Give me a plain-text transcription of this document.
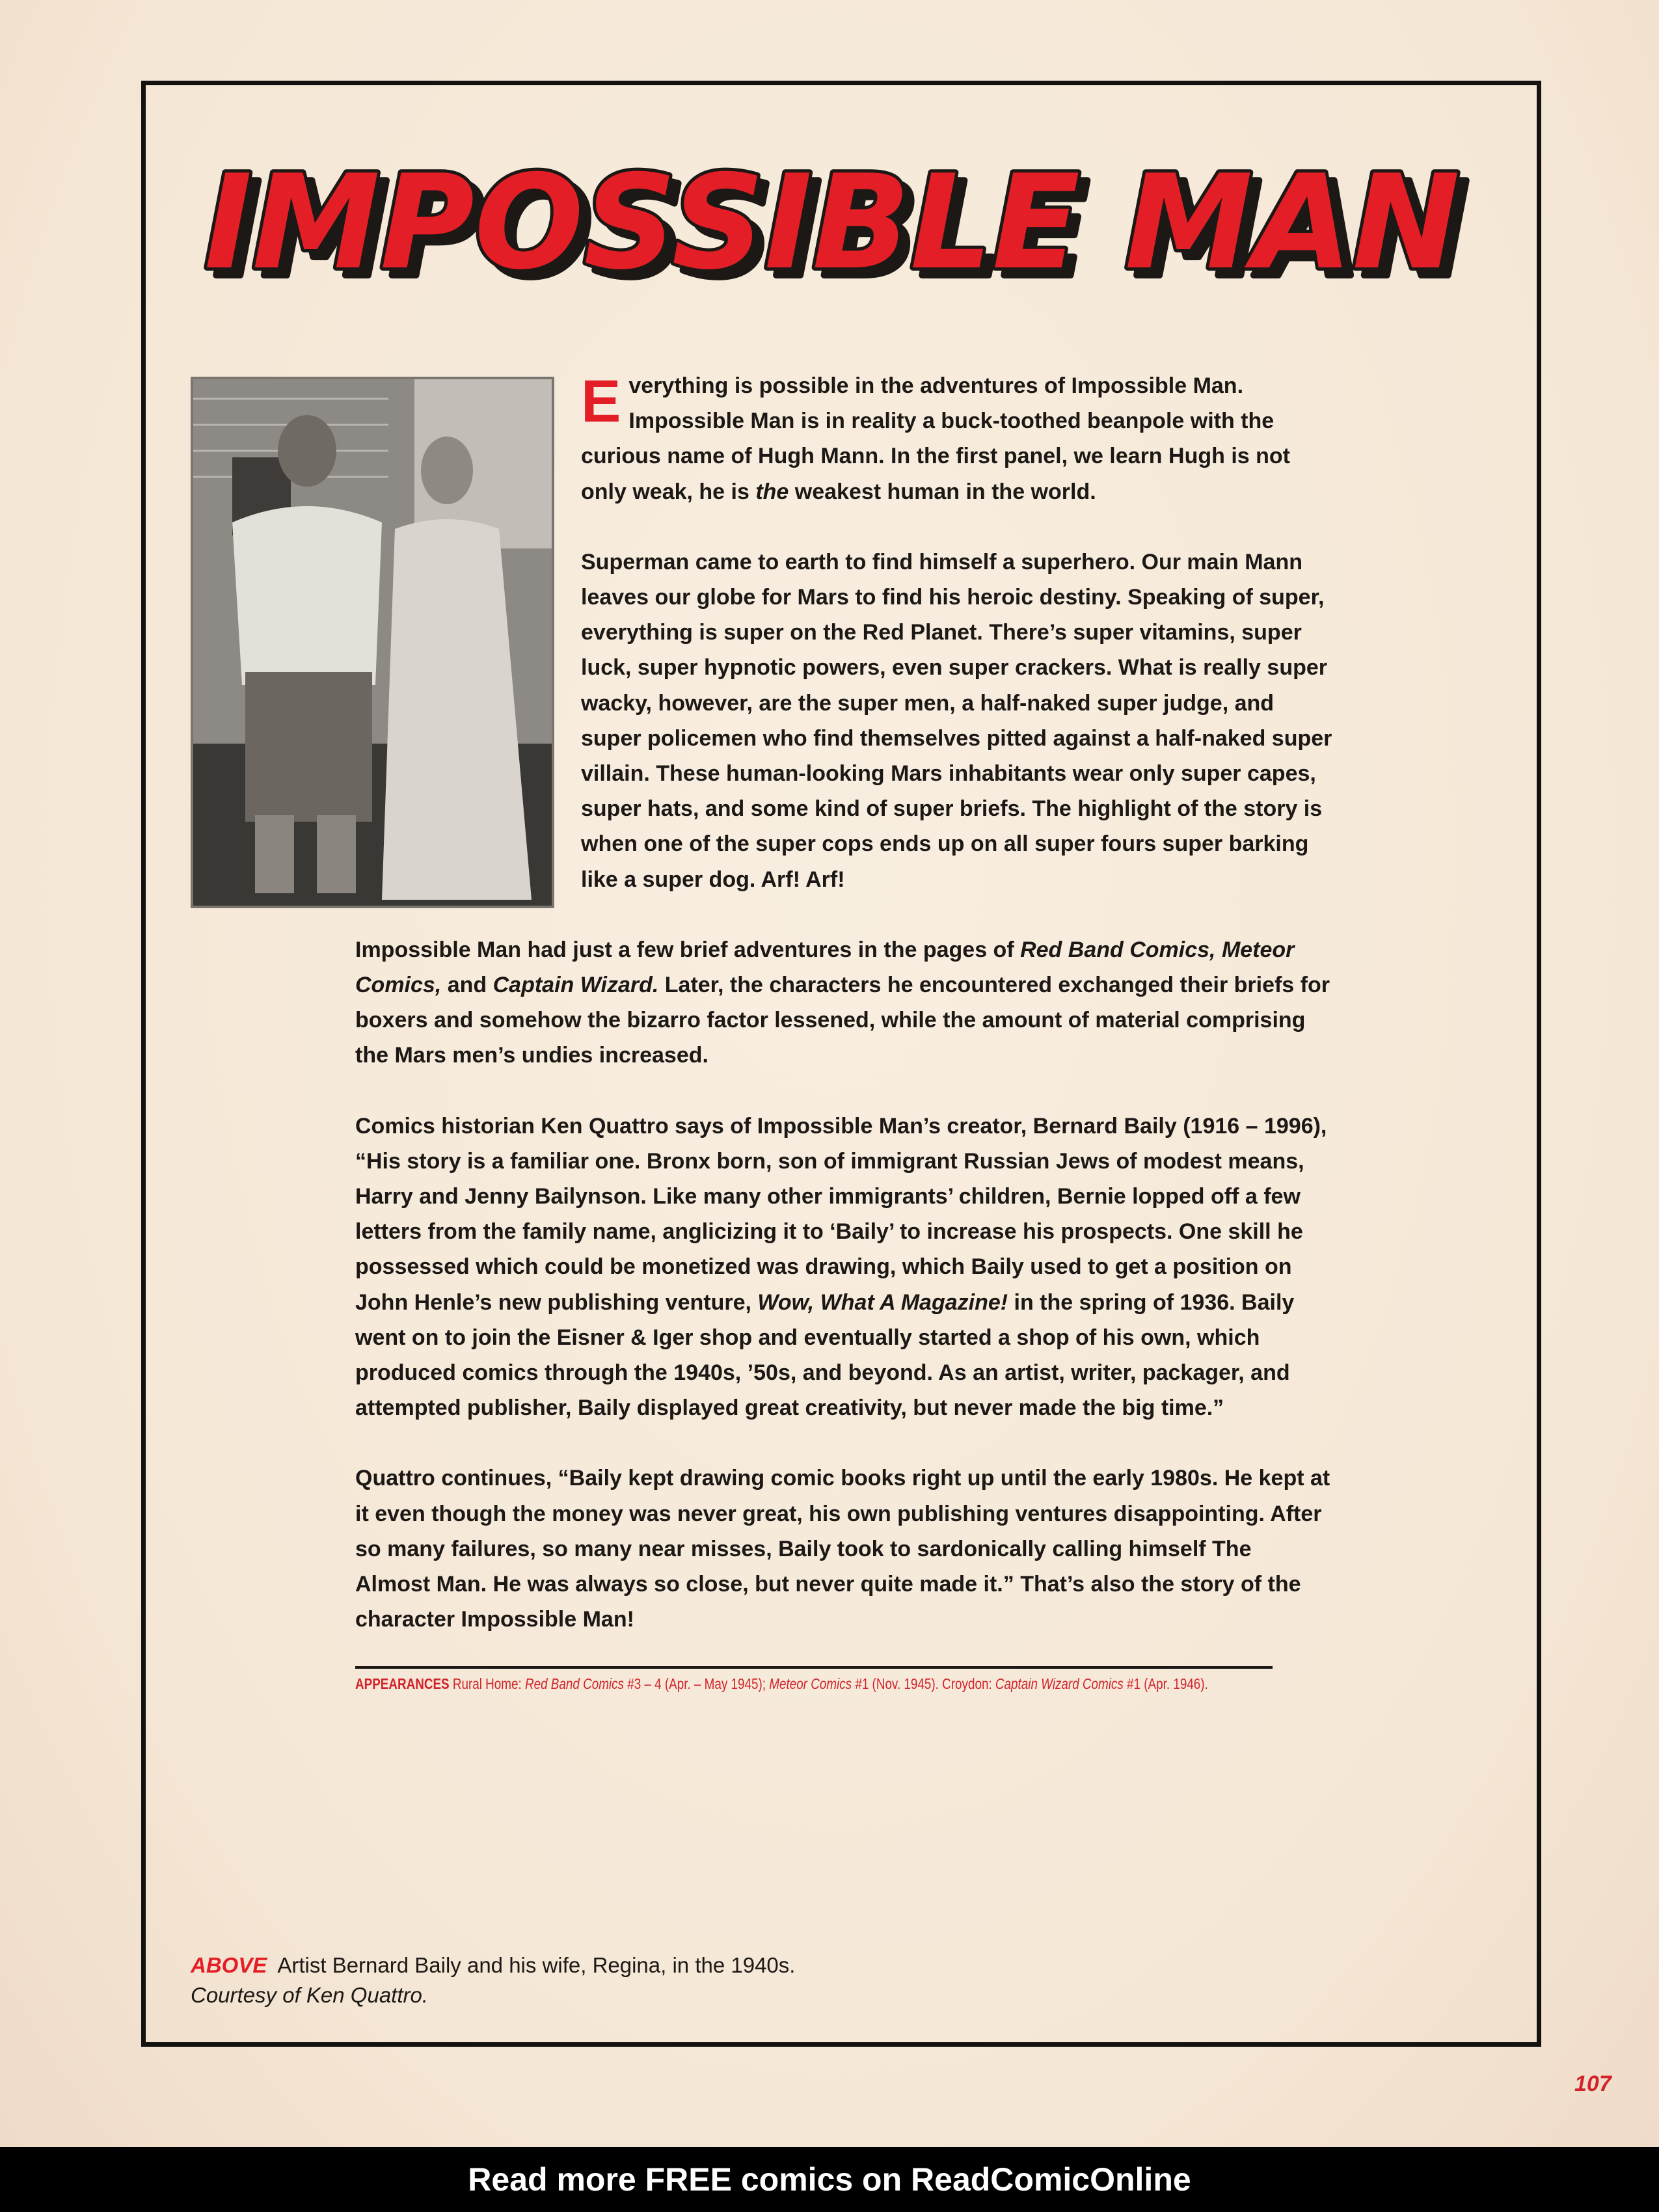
IMPOSSIBLE MAN
E verything is possible in the adventures of Impossible Man. Impossible Man is in reality a buck-toothed beanpole with the curious name of Hugh Mann. In the first panel, we learn Hugh is not only weak, he is the weakest human in the world.

Superman came to earth to find himself a superhero. Our main Mann leaves our globe for Mars to find his heroic destiny. Speaking of super, everything is super on the Red Planet. There’s super vitamins, super luck, super hypnotic powers, even super crackers. What is really super wacky, however, are the super men, a half-naked super judge, and super policemen who find themselves pitted against a half-naked super villain. These human-looking Mars inhabitants wear only super capes, super hats, and some kind of super briefs. The highlight of the story is when one of the super cops ends up on all super fours super barking like a super dog. Arf! Arf!

Impossible Man had just a few brief adventures in the pages of Red Band Comics, Meteor Comics, and Captain Wizard. Later, the characters he encountered exchanged their briefs for boxers and somehow the bizarro factor lessened, while the amount of material comprising the Mars men’s undies increased.

Comics historian Ken Quattro says of Impossible Man’s creator, Bernard Baily (1916 – 1996), “His story is a familiar one. Bronx born, son of immigrant Russian Jews of modest means, Harry and Jenny Bailynson. Like many other immigrants’ children, Bernie lopped off a few letters from the family name, anglicizing it to ‘Baily’ to increase his prospects. One skill he possessed which could be monetized was drawing, which Baily used to get a position on John Henle’s new publishing venture, Wow, What A Magazine! in the spring of 1936. Baily went on to join the Eisner & Iger shop and eventually started a shop of his own, which produced comics through the 1940s, ’50s, and beyond. As an artist, writer, packager, and attempted publisher, Baily displayed great creativity, but never made the big time.”

Quattro continues, “Baily kept drawing comic books right up until the early 1980s. He kept at it even though the money was never great, his own publishing ventures disappointing. After so many failures, so many near misses, Baily took to sardonically calling himself The Almost Man. He was always so close, but never quite made it.” That’s also the story of the character Impossible Man!

APPEARANCES Rural Home: Red Band Comics #3 – 4 (Apr. – May 1945); Meteor Comics #1 (Nov. 1945). Croydon: Captain Wizard Comics #1 (Apr. 1946).
ABOVE Artist Bernard Baily and his wife, Regina, in the 1940s.
Courtesy of Ken Quattro.
107
Read more FREE comics on ReadComicOnline
